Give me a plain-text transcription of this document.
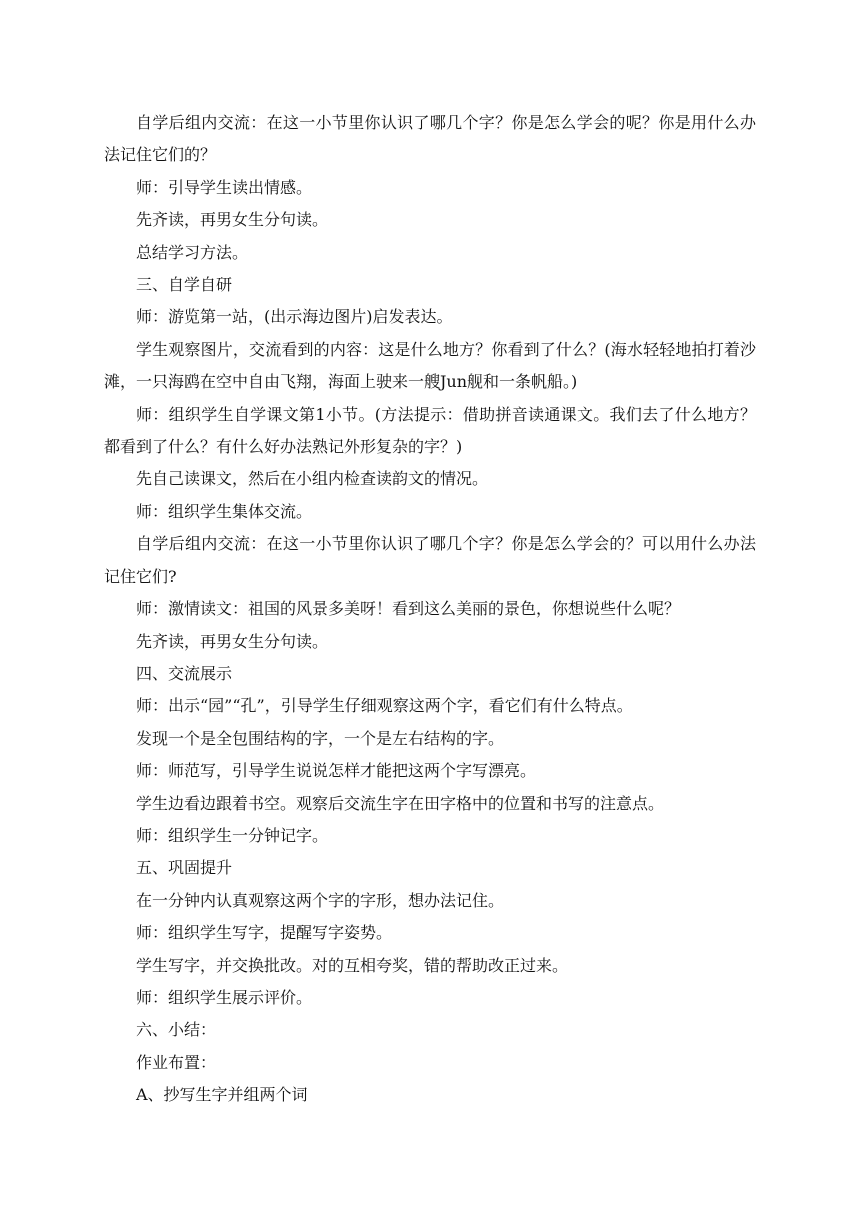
自学后组内交流：在这一小节里你认识了哪几个字？你是怎么学会的呢？你是用什么办法记住它们的？

师：引导学生读出情感。

先齐读，再男女生分句读。

总结学习方法。

三、自学自研

师：游览第一站，(出示海边图片)启发表达。

学生观察图片，交流看到的内容：这是什么地方？你看到了什么？(海水轻轻地拍打着沙滩，一只海鸥在空中自由飞翔，海面上驶来一艘Jun舰和一条帆船。)

师：组织学生自学课文第1小节。(方法提示：借助拼音读通课文。我们去了什么地方？都看到了什么？有什么好办法熟记外形复杂的字？)

先自己读课文，然后在小组内检查读韵文的情况。

师：组织学生集体交流。

自学后组内交流：在这一小节里你认识了哪几个字？你是怎么学会的？可以用什么办法记住它们?

师：激情读文：祖国的风景多美呀！看到这么美丽的景色，你想说些什么呢？

先齐读，再男女生分句读。

四、交流展示

师：出示“园”“孔”，引导学生仔细观察这两个字，看它们有什么特点。

发现一个是全包围结构的字，一个是左右结构的字。

师：师范写，引导学生说说怎样才能把这两个字写漂亮。

学生边看边跟着书空。观察后交流生字在田字格中的位置和书写的注意点。

师：组织学生一分钟记字。

五、巩固提升

在一分钟内认真观察这两个字的字形，想办法记住。

师：组织学生写字，提醒写字姿势。

学生写字，并交换批改。对的互相夸奖，错的帮助改正过来。

师：组织学生展示评价。

六、小结：

作业布置：

A、抄写生字并组两个词
